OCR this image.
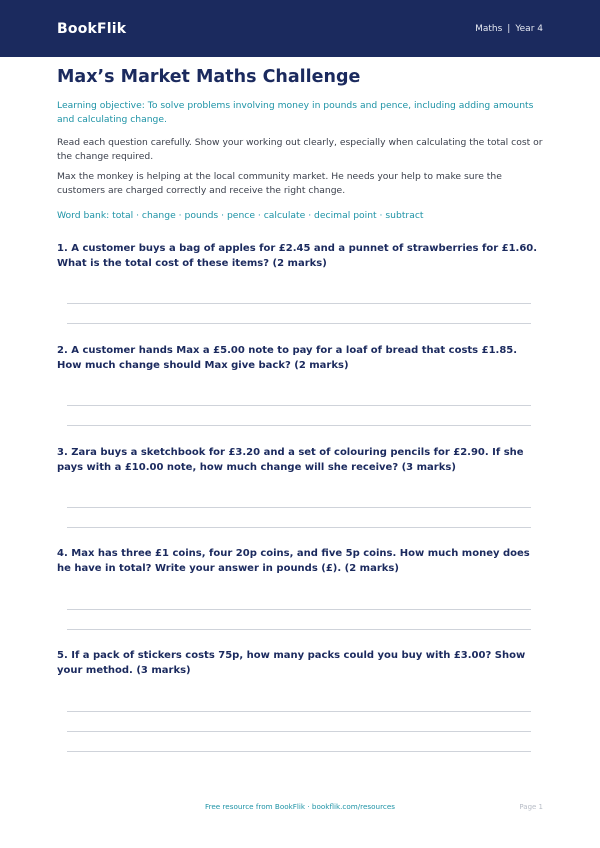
BookFlik	Maths | Year 4
Max’s Market Maths Challenge

Learning objective: To solve problems involving money in pounds and pence, including adding amounts and calculating change.

Read each question carefully. Show your working out clearly, especially when calculating the total cost or the change required.

Max the monkey is helping at the local community market. He needs your help to make sure the customers are charged correctly and receive the right change.

Word bank: total · change · pounds · pence · calculate · decimal point · subtract

1. A customer buys a bag of apples for £2.45 and a punnet of strawberries for £1.60. What is the total cost of these items? (2 marks)

2. A customer hands Max a £5.00 note to pay for a loaf of bread that costs £1.85. How much change should Max give back? (2 marks)

3. Zara buys a sketchbook for £3.20 and a set of colouring pencils for £2.90. If she pays with a £10.00 note, how much change will she receive? (3 marks)

4. Max has three £1 coins, four 20p coins, and five 5p coins. How much money does he have in total? Write your answer in pounds (£). (2 marks)

5. If a pack of stickers costs 75p, how many packs could you buy with £3.00? Show your method. (3 marks)

Free resource from BookFlik · bookflik.com/resources	Page 1
